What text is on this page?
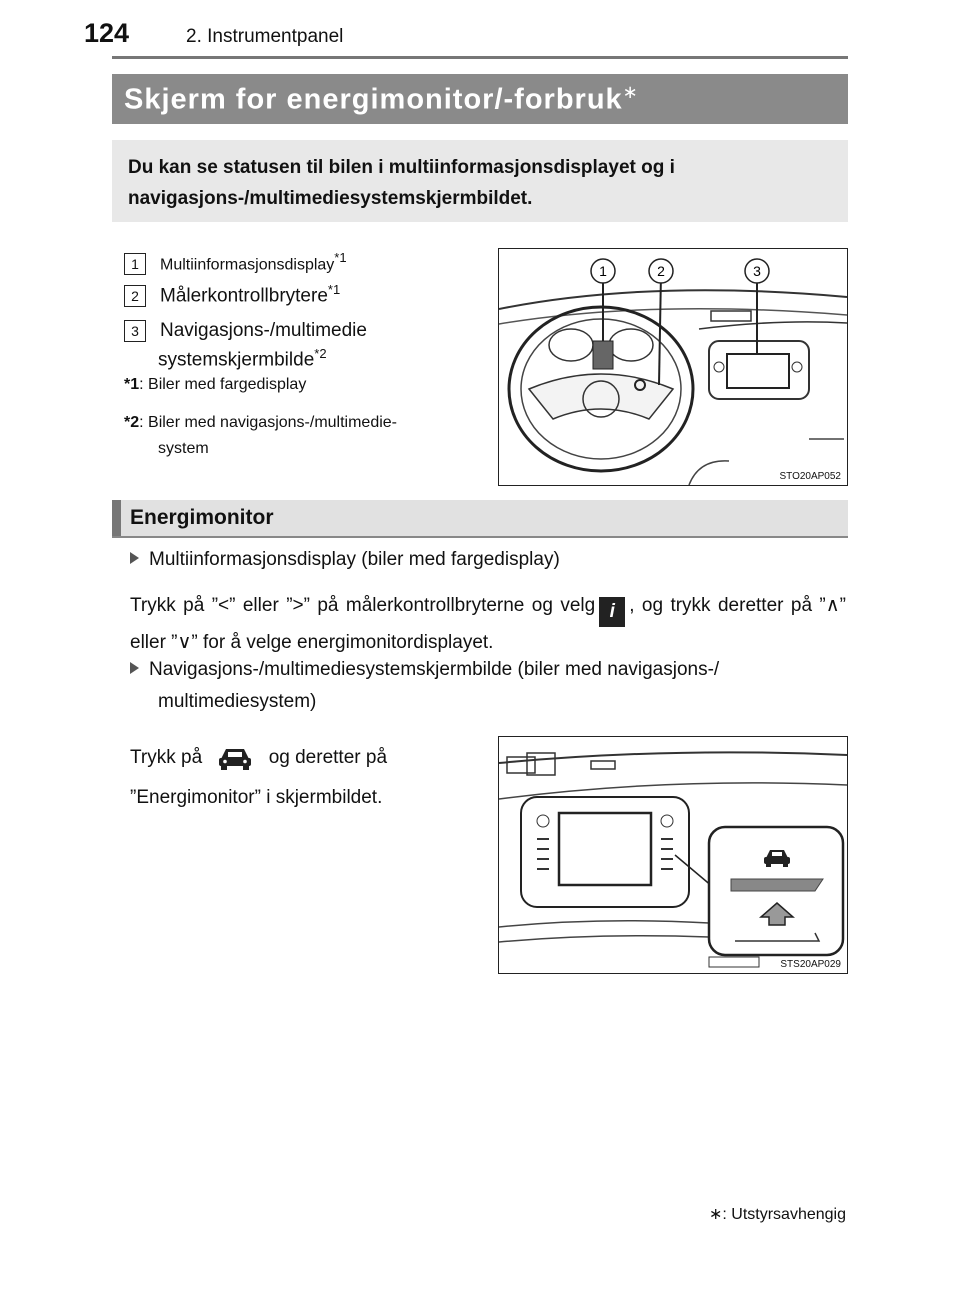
124	2. Instrumentpanel
Skjerm for energimonitor/-forbruk∗
Du kan se statusen til bilen i multiinformasjonsdisplayet og i navigasjons-/multimediesystemskjermbildet.
1 Multiinformasjonsdisplay$^{*1}$
2 Målerkontrollbrytere$^{*1}$
3 Navigasjons-/multimedie
systemskjermbilde$^{*2}$
*1: Biler med fargedisplay
*2: Biler med navigasjons-/multimedie-
system
1	2	3
STO20AP052
Energimonitor
Multiinformasjonsdisplay (biler med fargedisplay)
Trykk på ”<” eller ”>” på målerkontrollbryterne og velg i , og trykk deretter på ”∧” eller ”∨” for å velge energimonitordisplayet.
Navigasjons-/multimediesystemskjermbilde (biler med navigasjons-/
multimediesystem)
Trykk på	og deretter på
”Energimonitor” i skjermbildet.
STS20AP029
∗: Utstyrsavhengig
